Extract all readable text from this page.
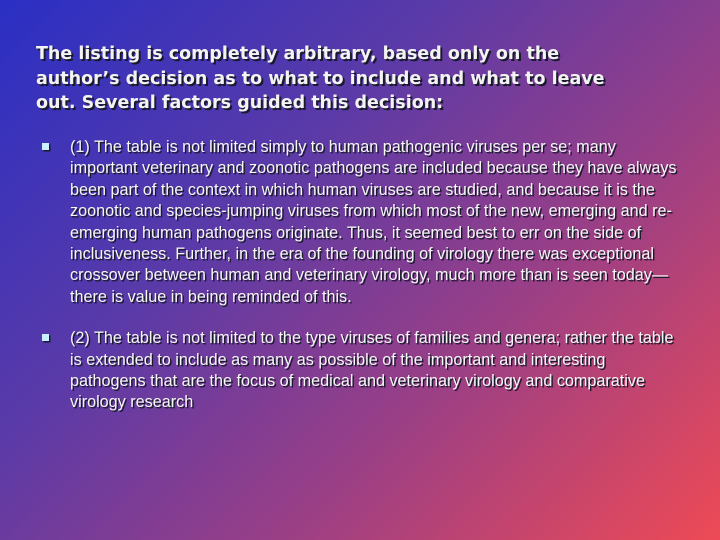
The listing is completely arbitrary, based only on the author’s decision as to what to include and what to leave out. Several factors guided this decision:
(1) The table is not limited simply to human pathogenic viruses per se; many important veterinary and zoonotic pathogens are included because they have always been part of the context in which human viruses are studied, and because it is the zoonotic and species-jumping viruses from which most of the new, emerging and re-emerging human pathogens originate. Thus, it seemed best to err on the side of inclusiveness. Further, in the era of the founding of virology there was exceptional crossover between human and veterinary virology, much more than is seen today—there is value in being reminded of this.
(2) The table is not limited to the type viruses of families and genera; rather the table is extended to include as many as possible of the important and interesting pathogens that are the focus of medical and veterinary virology and comparative virology research
